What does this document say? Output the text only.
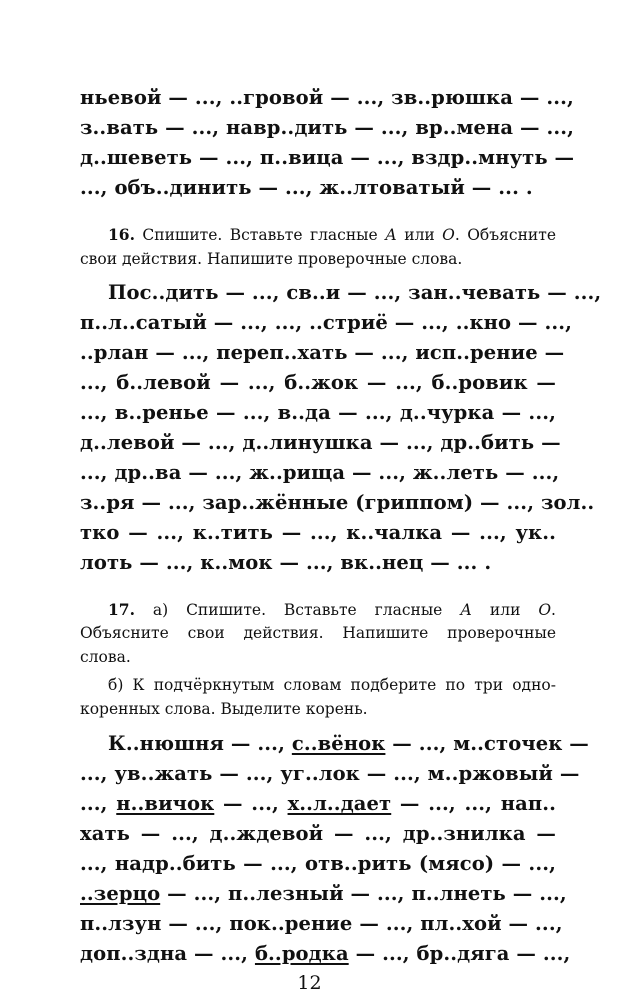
ньевой — ..., ..гровой — ..., зв..рюшка — ...,
з..вать — ..., навр..дить — ..., вр..мена — ...,
д..шеветь — ..., п..вица — ..., вздр..мнуть —
..., объ..динить — ..., ж..лтоватый — ... .
16. Спишите. Вставьте гласные А или О. Объясните
свои действия. Напишите проверочные слова.
Пос..дить — ..., св..и — ..., зан..чевать — ...,
п..л..сатый — ..., ..., ..стриё — ..., ..кно — ...,
..рлан — ..., переп..хать — ..., исп..рение —
..., б..левой — ..., б..жок — ..., б..ровик —
..., в..ренье — ..., в..да — ..., д..чурка — ...,
д..левой — ..., д..линушка — ..., др..бить —
..., др..ва — ..., ж..рища — ..., ж..леть — ...,
з..ря — ..., зар..жённые (гриппом) — ..., зол..
тко — ..., к..тить — ..., к..чалка — ..., ук..
лоть — ..., к..мок — ..., вк..нец — ... .
17. а) Спишите. Вставьте гласные А или О.
Объясните свои действия. Напишите проверочные
слова.
б) К подчёркнутым словам подберите по три одно-
коренных слова. Выделите корень.
К..нюшня — ..., с..вёнок — ..., м..сточек —
..., ув..жать — ..., уг..лок — ..., м..ржовый —
..., н..вичок — ..., х..л..дает — ..., ..., нап..
хать — ..., д..ждевой — ..., др..знилка —
..., надр..бить — ..., отв..рить (мясо) — ...,
..зерцо — ..., п..лезный — ..., п..лнеть — ...,
п..лзун — ..., пок..рение — ..., пл..хой — ...,
доп..здна — ..., б..родка — ..., бр..дяга — ...,
12
